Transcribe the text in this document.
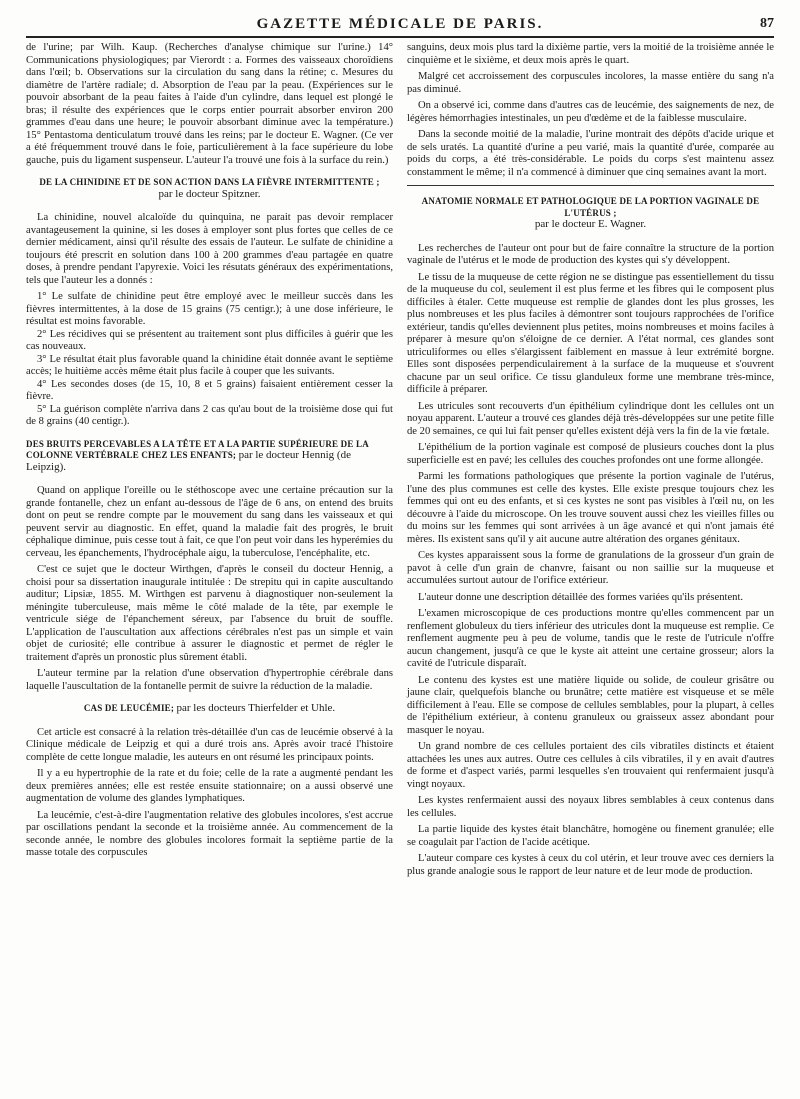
GAZETTE MÉDICALE DE PARIS.	87

de l'urine; par Wilh. Kaup. (Recherches d'analyse chimique sur l'urine.) 14° Communications physiologiques; par Vierordt : a. Formes des vaisseaux choroïdiens dans l'œil; b. Observations sur la circulation du sang dans la rétine; c. Mesures du diamètre de l'artère radiale; d. Absorption de l'eau par la peau. (Expériences sur le pouvoir absorbant de la peau faites à l'aide d'un cylindre, dans lequel est plongé le bras; il résulte des expériences que le corps entier pourrait absorber environ 200 grammes d'eau dans une heure; le pouvoir absorbant diminue avec la température.) 15° Pentastoma denticulatum trouvé dans les reins; par le docteur E. Wagner. (Ce ver a été fréquemment trouvé dans le foie, particulièrement à la face supérieure du lobe gauche, puis du ligament suspenseur. L'auteur l'a trouvé une fois à la surface du rein.)

DE LA CHINIDINE ET DE SON ACTION DANS LA FIÈVRE INTERMITTENTE ;
par le docteur Spitzner.

La chinidine, nouvel alcaloïde du quinquina, ne parait pas devoir remplacer avantageusement la quinine, si les doses à employer sont plus fortes que celles de ce dernier médicament, ainsi qu'il résulte des essais de l'auteur. Le sulfate de chinidine a toujours été prescrit en solution dans 100 à 200 grammes d'eau partagée en quatre doses, à prendre pendant l'apyrexie. Voici les résutats généraux des expérimentations, tels que l'auteur les a donnés :

1° Le sulfate de chinidine peut être employé avec le meilleur succès dans les fièvres intermittentes, à la dose de 15 grains (75 centigr.); à une dose inférieure, le résultat est moins favorable.
2° Les récidives qui se présentent au traitement sont plus difficiles à guérir que les cas nouveaux.
3° Le résultat était plus favorable quand la chinidine était donnée avant le septième accès; le huitième accès même était plus facile à couper que les suivants.
4° Les secondes doses (de 15, 10, 8 et 5 grains) faisaient entièrement cesser la fièvre.
5° La guérison complète n'arriva dans 2 cas qu'au bout de la troisième dose qui fut de 8 grains (40 centigr.).
DES BRUITS PERCEVABLES A LA TÊTE ET A LA PARTIE SUPÉRIEURE DE LA COLONNE VERTÉBRALE CHEZ LES ENFANTS; par le docteur Hennig (de Leipzig).

Quand on applique l'oreille ou le stéthoscope avec une certaine précaution sur la grande fontanelle, chez un enfant au-dessous de l'âge de 6 ans, on entend des bruits dont on peut se rendre compte par le mouvement du sang dans les vaisseaux et qui peuvent servir au diagnostic. En effet, quand la maladie fait des progrès, le bruit céphalique diminue, puis cesse tout à fait, ce que l'on peut voir dans les hyperémies du cerveau, les épanchements, l'hydrocéphale aigu, la tuberculose, l'encéphalite, etc.

C'est ce sujet que le docteur Wirthgen, d'après le conseil du docteur Hennig, a choisi pour sa dissertation inaugurale intitulée : De strepitu qui in capite auscultando auditur; Lipsiæ, 1855. M. Wirthgen est parvenu à diagnostiquer non-seulement la méningite tuberculeuse, mais même le côté malade de la tête, par exemple le ventricule siége de l'épanchement séreux, par l'absence du bruit de souffle. L'application de l'auscultation aux affections cérébrales n'est pas un simple et vain objet de curiosité; elle contribue à assurer le diagnostic et permet de régler le traitement d'après un pronostic plus sûrement établi.

L'auteur termine par la relation d'une observation d'hypertrophie cérébrale dans laquelle l'auscultation de la fontanelle permit de suivre la réduction de la maladie.

CAS DE LEUCÉMIE; par les docteurs Thierfelder et Uhle.

Cet article est consacré à la relation très-détaillée d'un cas de leucémie observé à la Clinique médicale de Leipzig et qui a duré trois ans. Après avoir tracé l'histoire complète de cette longue maladie, les auteurs en ont résumé les principaux points.

Il y a eu hypertrophie de la rate et du foie; celle de la rate a augmenté pendant les deux premières années; elle est restée ensuite stationnaire; on a aussi observé une augmentation de volume des glandes lymphatiques.

La leucémie, c'est-à-dire l'augmentation relative des globules incolores, s'est accrue par oscillations pendant la seconde et la troisième année. Au commencement de la seconde année, le nombre des globules incolores formait la septième partie de la masse totale des corpuscules

sanguins, deux mois plus tard la dixième partie, vers la moitié de la troisième année le cinquième et le sixième, et deux mois après le quart.

Malgré cet accroissement des corpuscules incolores, la masse entière du sang n'a pas diminué.

On a observé ici, comme dans d'autres cas de leucémie, des saignements de nez, de légères hémorrhagies intestinales, un peu d'œdème et de la faiblesse musculaire.

Dans la seconde moitié de la maladie, l'urine montrait des dépôts d'acide urique et de sels uratés. La quantité d'urine a peu varié, mais la quantité d'urée, comparée au poids du corps, a été très-considérable. Le poids du corps s'est maintenu assez constamment le même; il n'a commencé à diminuer que cinq semaines avant la mort.

ANATOMIE NORMALE ET PATHOLOGIQUE DE LA PORTION VAGINALE DE L'UTÉRUS ;
par le docteur E. Wagner.

Les recherches de l'auteur ont pour but de faire connaître la structure de la portion vaginale de l'utérus et le mode de production des kystes qui s'y développent.

Le tissu de la muqueuse de cette région ne se distingue pas essentiellement du tissu de la muqueuse du col, seulement il est plus ferme et les fibres qui le composent plus difficiles à étaler. Cette muqueuse est remplie de glandes dont les plus grosses, les plus nombreuses et les plus faciles à démontrer sont toujours rapprochées de l'orifice extérieur, tandis qu'elles deviennent plus petites, moins nombreuses et moins faciles à préparer à mesure qu'on s'éloigne de ce dernier. A l'état normal, ces glandes sont utriculiformes ou elles s'élargissent faiblement en massue à leur extrémité borgne. Elles sont disposées perpendiculairement à la surface de la muqueuse et s'ouvrent chacune par un seul orifice. Ce tissu glanduleux forme une membrane très-mince, difficile à préparer.

Les utricules sont recouverts d'un épithélium cylindrique dont les cellules ont un noyau apparent. L'auteur a trouvé ces glandes déjà très-développées sur une petite fille de 20 semaines, ce qui lui fait penser qu'elles existent déjà vers la fin de la vie fœtale.

L'épithélium de la portion vaginale est composé de plusieurs couches dont la plus superficielle est en pavé; les cellules des couches profondes ont une forme allongée.

Parmi les formations pathologiques que présente la portion vaginale de l'utérus, l'une des plus communes est celle des kystes. Elle existe presque toujours chez les femmes qui ont eu des enfants, et si ces kystes ne sont pas visibles à l'œil nu, on les découvre à l'aide du microscope. On les trouve souvent aussi chez les vieilles filles ou du moins sur les femmes qui sont arrivées à un âge avancé et qui n'ont jamais été mères. Ils existent sans qu'il y ait aucune autre altération des organes génitaux.

Ces kystes apparaissent sous la forme de granulations de la grosseur d'un grain de pavot à celle d'un grain de chanvre, faisant ou non saillie sur la muqueuse et accumulées surtout autour de l'orifice extérieur.

L'auteur donne une description détaillée des formes variées qu'ils présentent.

L'examen microscopique de ces productions montre qu'elles commencent par un renflement globuleux du tiers inférieur des utricules dont la muqueuse est remplie. Ce renflement augmente peu à peu de volume, tandis que le reste de l'utricule n'offre aucun changement, jusqu'à ce que le kyste ait atteint une certaine grosseur; alors la cavité de l'utricule disparaît.

Le contenu des kystes est une matière liquide ou solide, de couleur grisâtre ou jaune clair, quelquefois blanche ou brunâtre; cette matière est visqueuse et se mêle difficilement à l'eau. Elle se compose de cellules semblables, pour la plupart, à celles de l'épithélium extérieur, à contenu granuleux ou graisseux assez abondant pour masquer le noyau.

Un grand nombre de ces cellules portaient des cils vibratiles distincts et étaient attachées les unes aux autres. Outre ces cellules à cils vibratiles, il y en avait d'autres de forme et d'aspect variés, parmi lesquelles s'en trouvaient qui renfermaient jusqu'à vingt noyaux.

Les kystes renfermaient aussi des noyaux libres semblables à ceux contenus dans les cellules.

La partie liquide des kystes était blanchâtre, homogène ou finement granulée; elle se coagulait par l'action de l'acide acétique.

L'auteur compare ces kystes à ceux du col utérin, et leur trouve avec ces derniers la plus grande analogie sous le rapport de leur nature et de leur mode de production.
